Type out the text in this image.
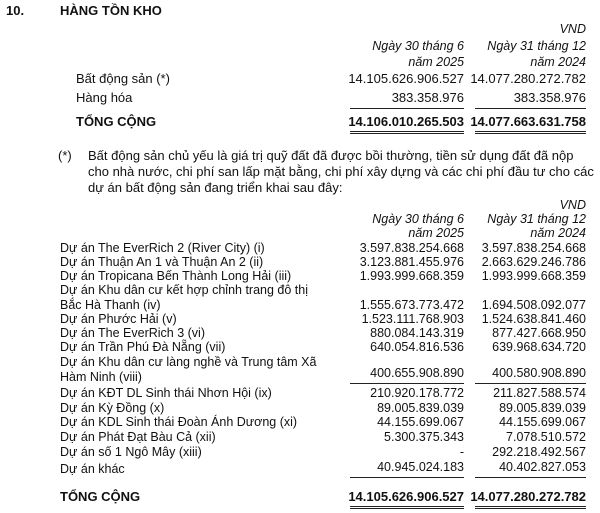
10.	HÀNG TỒN KHO
VND
Ngày 30 tháng 6
năm 2025
Ngày 31 tháng 12
năm 2024
Bất động sản (*)	14.105.626.906.527 14.077.280.272.782
Hàng hóa	383.358.976	383.358.976
TỔNG CỘNG	14.106.010.265.503 14.077.663.631.758
(*) Bất động sản chủ yếu là giá trị quỹ đất đã được bồi thường, tiền sử dụng đất đã nộp
cho nhà nước, chi phí san lấp mặt bằng, chi phí xây dựng và các chi phí đầu tư cho các
dự án bất động sản đang triển khai sau đây:
VND
Ngày 30 tháng 6
năm 2025
Ngày 31 tháng 12
năm 2024
Dự án The EverRich 2 (River City) (i)	3.597.838.254.668 3.597.838.254.668
Dự án Thuận An 1 và Thuận An 2 (ii)	3.123.881.455.976 2.663.629.246.786
Dự án Tropicana Bến Thành Long Hải (iii)	1.993.999.668.359 1.993.999.668.359
Dự án Khu dân cư kết hợp chỉnh trang đô thị
Bắc Hà Thanh (iv)	1.555.673.773.472 1.694.508.092.077
Dự án Phước Hải (v)	1.523.111.768.903 1.524.638.841.460
Dự án The EverRich 3 (vi)	880.084.143.319 877.427.668.950
Dự án Trần Phú Đà Nẵng (vii)	640.054.816.536 639.968.634.720
Dự án Khu dân cư làng nghề và Trung tâm Xã
Hàm Ninh (viii)	400.655.908.890 400.580.908.890
Dự án KĐT DL Sinh thái Nhơn Hội (ix)	210.920.178.772 211.827.588.574
Dự án Kỳ Đồng (x)	89.005.839.039	89.005.839.039
Dự án KDL Sinh thái Đoàn Ánh Dương (xi)	44.155.699.067	44.155.699.067
Dự án Phát Đạt Bàu Cả (xii)	5.300.375.343	7.078.510.572
Dự án số 1 Ngô Mây (xiii)	- 292.218.492.567
Dự án khác	40.945.024.183	40.402.827.053
TỔNG CỘNG	14.105.626.906.527 14.077.280.272.782
